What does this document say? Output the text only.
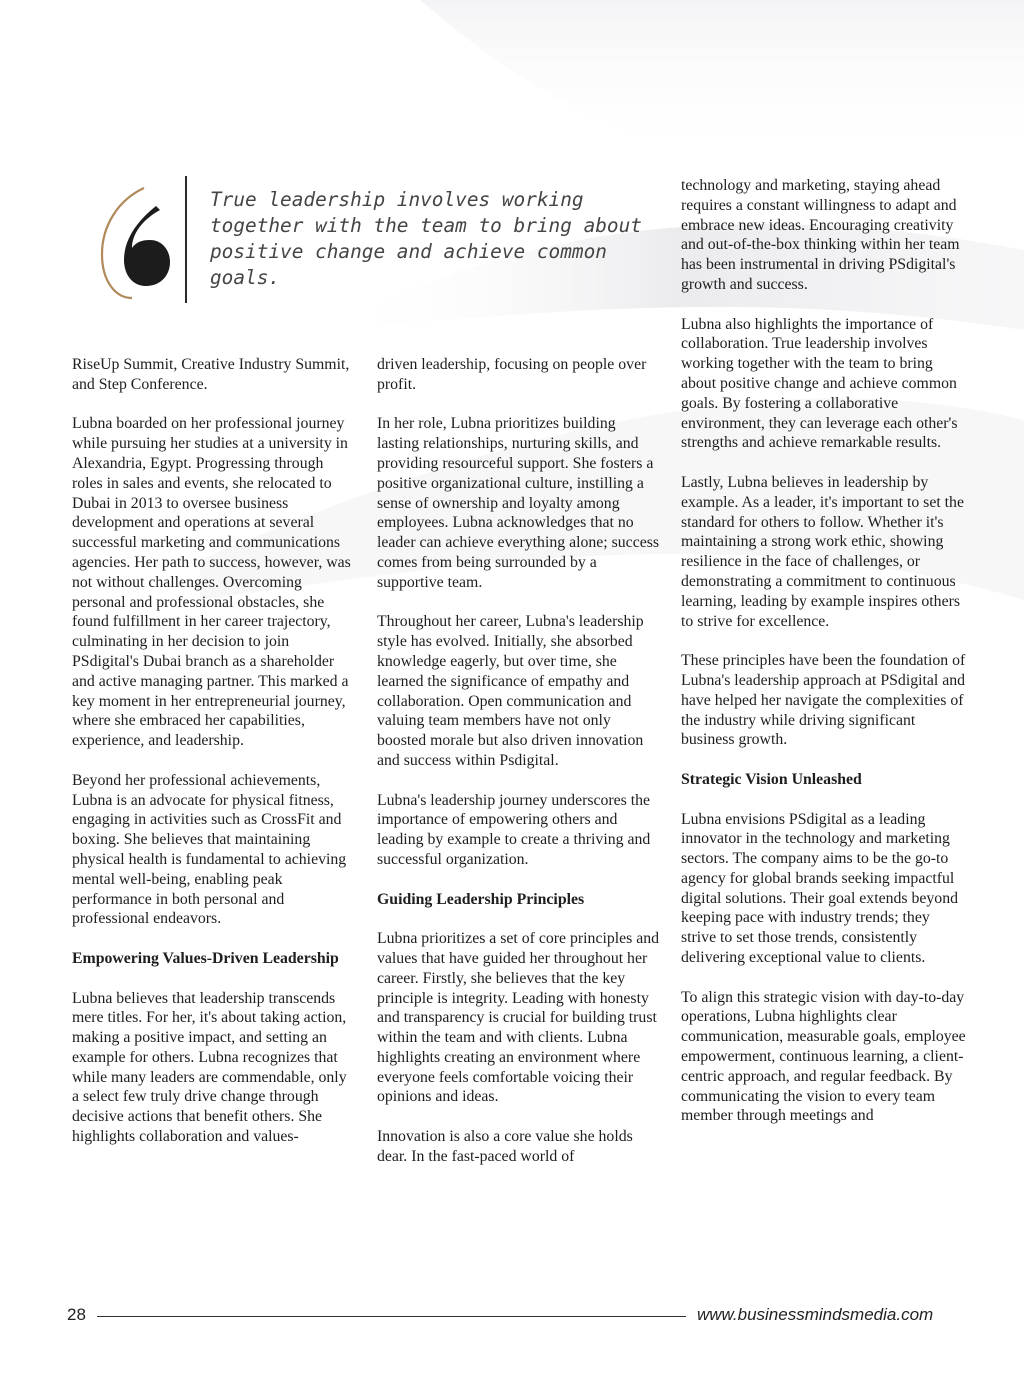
True leadership involves working together with the team to bring about positive change and achieve common goals.

RiseUp Summit, Creative Industry Summit, and Step Conference.

Lubna boarded on her professional journey while pursuing her studies at a university in Alexandria, Egypt. Progressing through roles in sales and events, she relocated to Dubai in 2013 to oversee business development and operations at several successful marketing and communications agencies. Her path to success, however, was not without challenges. Overcoming personal and professional obstacles, she found fulfillment in her career trajectory, culminating in her decision to join PSdigital's Dubai branch as a shareholder and active managing partner. This marked a key moment in her entrepreneurial journey, where she embraced her capabilities, experience, and leadership.

Beyond her professional achievements, Lubna is an advocate for physical fitness, engaging in activities such as CrossFit and boxing. She believes that maintaining physical health is fundamental to achieving mental well-being, enabling peak performance in both personal and professional endeavors.

Empowering Values-Driven Leadership

Lubna believes that leadership transcends mere titles. For her, it's about taking action, making a positive impact, and setting an example for others. Lubna recognizes that while many leaders are commendable, only a select few truly drive change through decisive actions that benefit others. She highlights collaboration and values-

driven leadership, focusing on people over profit.

In her role, Lubna prioritizes building lasting relationships, nurturing skills, and providing resourceful support. She fosters a positive organizational culture, instilling a sense of ownership and loyalty among employees. Lubna acknowledges that no leader can achieve everything alone; success comes from being surrounded by a supportive team.

Throughout her career, Lubna's leadership style has evolved. Initially, she absorbed knowledge eagerly, but over time, she learned the significance of empathy and collaboration. Open communication and valuing team members have not only boosted morale but also driven innovation and success within Psdigital.

Lubna's leadership journey underscores the importance of empowering others and leading by example to create a thriving and successful organization.

Guiding Leadership Principles

Lubna prioritizes a set of core principles and values that have guided her throughout her career. Firstly, she believes that the key principle is integrity. Leading with honesty and transparency is crucial for building trust within the team and with clients. Lubna highlights creating an environment where everyone feels comfortable voicing their opinions and ideas.

Innovation is also a core value she holds dear. In the fast-paced world of

technology and marketing, staying ahead requires a constant willingness to adapt and embrace new ideas. Encouraging creativity and out-of-the-box thinking within her team has been instrumental in driving PSdigital's growth and success.

Lubna also highlights the importance of collaboration. True leadership involves working together with the team to bring about positive change and achieve common goals. By fostering a collaborative environment, they can leverage each other's strengths and achieve remarkable results.

Lastly, Lubna believes in leadership by example. As a leader, it's important to set the standard for others to follow. Whether it's maintaining a strong work ethic, showing resilience in the face of challenges, or demonstrating a commitment to continuous learning, leading by example inspires others to strive for excellence.

These principles have been the foundation of Lubna's leadership approach at PSdigital and have helped her navigate the complexities of the industry while driving significant business growth.

Strategic Vision Unleashed

Lubna envisions PSdigital as a leading innovator in the technology and marketing sectors. The company aims to be the go-to agency for global brands seeking impactful digital solutions. Their goal extends beyond keeping pace with industry trends; they strive to set those trends, consistently delivering exceptional value to clients.

To align this strategic vision with day-to-day operations, Lubna highlights clear communication, measurable goals, employee empowerment, continuous learning, a client-centric approach, and regular feedback. By communicating the vision to every team member through meetings and

28	www.businessmindsmedia.com
